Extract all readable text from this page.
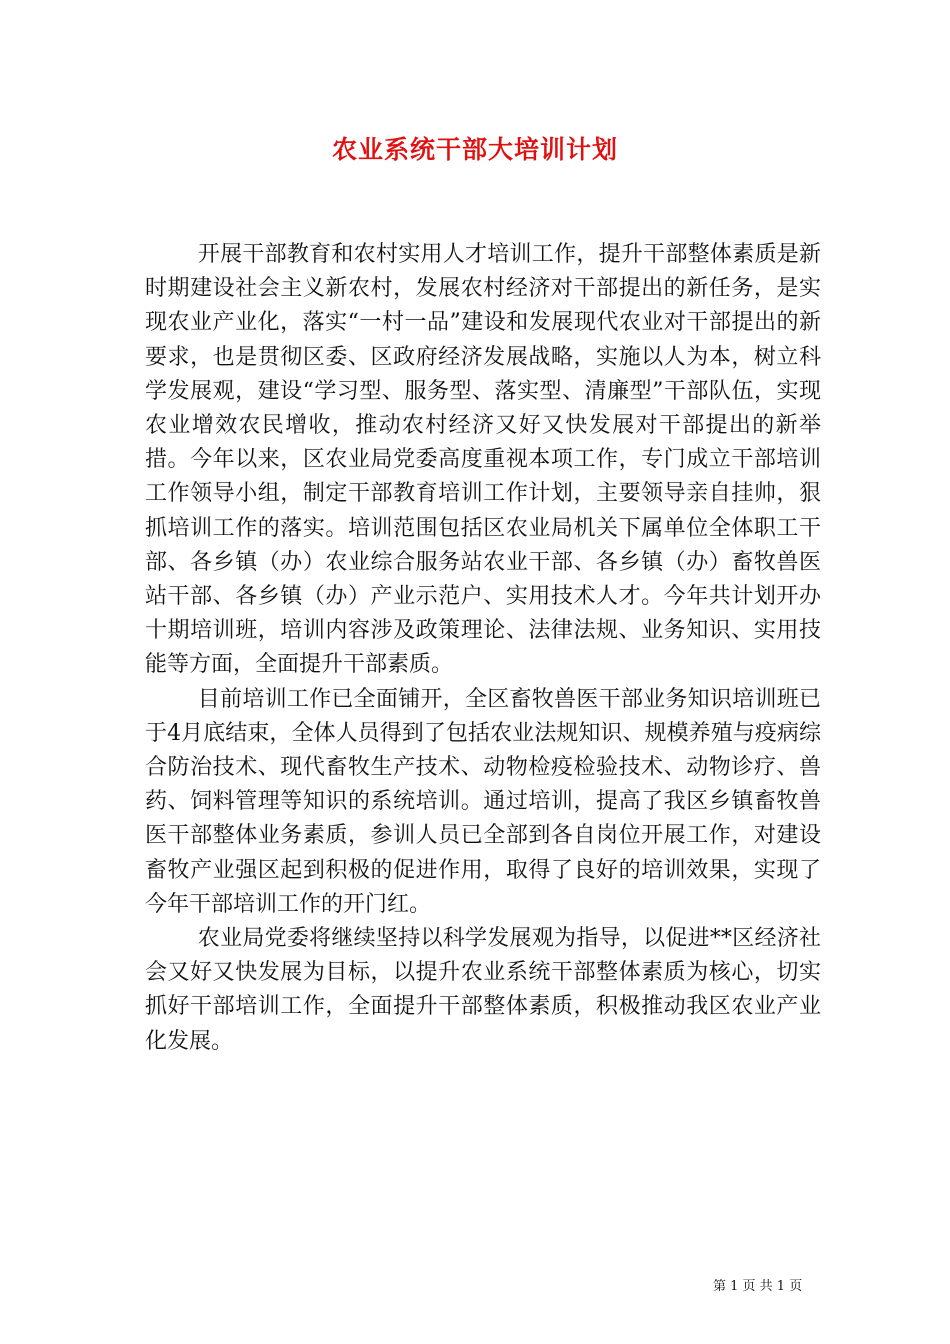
农业系统干部大培训计划

开展干部教育和农村实用人才培训工作，提升干部整体素质是新时期建设社会主义新农村，发展农村经济对干部提出的新任务，是实现农业产业化，落实“一村一品”建设和发展现代农业对干部提出的新要求，也是贯彻区委、区政府经济发展战略，实施以人为本，树立科学发展观，建设“学习型、服务型、落实型、清廉型”干部队伍，实现农业增效农民增收，推动农村经济又好又快发展对干部提出的新举措。今年以来，区农业局党委高度重视本项工作，专门成立干部培训工作领导小组，制定干部教育培训工作计划，主要领导亲自挂帅，狠抓培训工作的落实。培训范围包括区农业局机关下属单位全体职工干部、各乡镇（办）农业综合服务站农业干部、各乡镇（办）畜牧兽医站干部、各乡镇（办）产业示范户、实用技术人才。今年共计划开办十期培训班，培训内容涉及政策理论、法律法规、业务知识、实用技能等方面，全面提升干部素质。

目前培训工作已全面铺开，全区畜牧兽医干部业务知识培训班已于4月底结束，全体人员得到了包括农业法规知识、规模养殖与疫病综合防治技术、现代畜牧生产技术、动物检疫检验技术、动物诊疗、兽药、饲料管理等知识的系统培训。通过培训，提高了我区乡镇畜牧兽医干部整体业务素质，参训人员已全部到各自岗位开展工作，对建设畜牧产业强区起到积极的促进作用，取得了良好的培训效果，实现了今年干部培训工作的开门红。

农业局党委将继续坚持以科学发展观为指导，以促进**区经济社会又好又快发展为目标，以提升农业系统干部整体素质为核心，切实抓好干部培训工作，全面提升干部整体素质，积极推动我区农业产业化发展。

第 1 页 共 1 页
